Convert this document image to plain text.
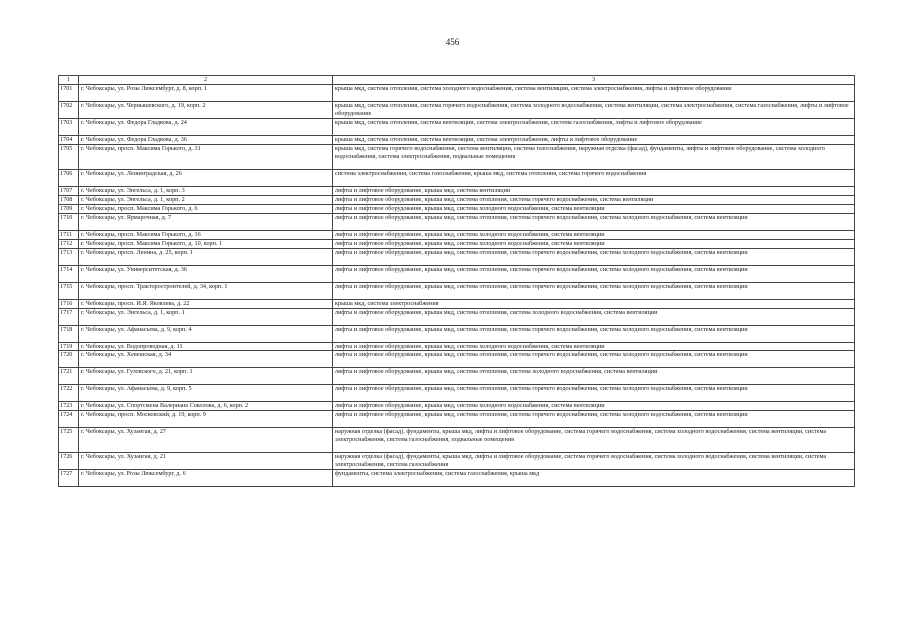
456
1	2	3
1701	г. Чебоксары, ул. Розы Люксембург, д. 8, корп. 1	крыша мкд, система отопления, система холодного водоснабжения, система вентиляции, система электроснабжения, лифты и лифтовое оборудование
1702	г. Чебоксары, ул. Чернышевского, д. 19, корп. 2	крыша мкд, система отопления, система горячего водоснабжения, система холодного водоснабжения, система вентиляции, система электроснабжения, система газоснабжения, лифты и лифтовое оборудование
1703	г. Чебоксары, ул. Федора Гладкова, д. 24	крыша мкд, система отопления, система вентиляции, система электроснабжения, система газоснабжения, лифты и лифтовое оборудование
1704	г. Чебоксары, ул. Федора Гладкова, д. 36	крыша мкд, система отопления, система вентиляции, система электроснабжения, лифты и лифтовое оборудование
1705	г. Чебоксары, просп. Максима Горького, д. 31	крыша мкд, система горячего водоснабжения, система вентиляции, система газоснабжения, наружная отделка (фасад), фундаменты, лифты и лифтовое оборудование, система холодного водоснабжения, система электроснабжения, подвальные помещения
1706	г. Чебоксары, ул. Ленинградская, д. 26	система электроснабжения, система газоснабжения, крыша мкд, система отопления, система горячего водоснабжения
1707	г. Чебоксары, ул. Энгельса, д. 1, корп. 3	лифты и лифтовое оборудование, крыша мкд, система вентиляции
1708	г. Чебоксары, ул. Энгельса, д. 1, корп. 2	лифты и лифтовое оборудование, крыша мкд, система отопления, система горячего водоснабжения, система вентиляции
1709	г. Чебоксары, просп. Максима Горького, д. 6	лифты и лифтовое оборудование, крыша мкд, система холодного водоснабжения, система вентиляции
1710	г. Чебоксары, ул. Ярмарочная, д. 7	лифты и лифтовое оборудование, крыша мкд, система отопления, система горячего водоснабжения, система холодного водоснабжения, система вентиляции
1711	г. Чебоксары, просп. Максима Горького, д. 16	лифты и лифтовое оборудование, крыша мкд, система холодного водоснабжения, система вентиляции
1712	г. Чебоксары, просп. Максима Горького, д. 10, корп. 1	лифты и лифтовое оборудование, крыша мкд, система холодного водоснабжения, система вентиляции
1713	г. Чебоксары, просп. Ленина, д. 25, корп. 1	лифты и лифтовое оборудование, крыша мкд, система отопления, система горячего водоснабжения, система холодного водоснабжения, система вентиляции
1714	г. Чебоксары, ул. Университетская, д. 36	лифты и лифтовое оборудование, крыша мкд, система отопления, система горячего водоснабжения, система холодного водоснабжения, система вентиляции
1715	г. Чебоксары, просп. Тракторостроителей, д. 34, корп. 1	лифты и лифтовое оборудование, крыша мкд, система отопления, система горячего водоснабжения, система холодного водоснабжения, система вентиляции
1716	г. Чебоксары, просп. И.Я. Яковлева, д. 22	крыша мкд, система электроснабжения
1717	г. Чебоксары, ул. Энгельса, д. 1, корп. 1	лифты и лифтовое оборудование, крыша мкд, система отопления, система холодного водоснабжения, система вентиляции
1718	г. Чебоксары, ул. Афанасьева, д. 9, корп. 4	лифты и лифтовое оборудование, крыша мкд, система отопления, система горячего водоснабжения, система холодного водоснабжения, система вентиляции
1719	г. Чебоксары, ул. Водопроводная, д. 11	лифты и лифтовое оборудование, крыша мкд, система холодного водоснабжения, система вентиляции
1720	г. Чебоксары, ул. Хевешская, д. 34	лифты и лифтовое оборудование, крыша мкд, система отопления, система горячего водоснабжения, система холодного водоснабжения, система вентиляции
1721	г. Чебоксары, ул. Гузовского, д. 21, корп. 1	лифты и лифтовое оборудование, крыша мкд, система отопления, система холодного водоснабжения, система вентиляции
1722	г. Чебоксары, ул. Афанасьева, д. 9, корп. 5	лифты и лифтовое оборудование, крыша мкд, система отопления, система горячего водоснабжения, система холодного водоснабжения, система вентиляции
1723	г. Чебоксары, ул. Спортсмена Валериана Соколова, д. 6, корп. 2	лифты и лифтовое оборудование, крыша мкд, система холодного водоснабжения, система вентиляции
1724	г. Чебоксары, просп. Московский, д. 19, корп. 9	лифты и лифтовое оборудование, крыша мкд, система отопления, система горячего водоснабжения, система холодного водоснабжения, система вентиляции
1725	г. Чебоксары, ул. Хузангая, д. 27	наружная отделка (фасад), фундаменты, крыша мкд, лифты и лифтовое оборудование, система горячего водоснабжения, система холодного водоснабжения, система вентиляции, система электроснабжения, система газоснабжения, подвальные помещения
1726	г. Чебоксары, ул. Хузангая, д. 21	наружная отделка (фасад), фундаменты, крыша мкд, лифты и лифтовое оборудование, система горячего водоснабжения, система холодного водоснабжения, система вентиляции, система электроснабжения, система газоснабжения
1727	г. Чебоксары, ул. Розы Люксембург, д. 6	фундаменты, система электроснабжения, система газоснабжения, крыша мкд
